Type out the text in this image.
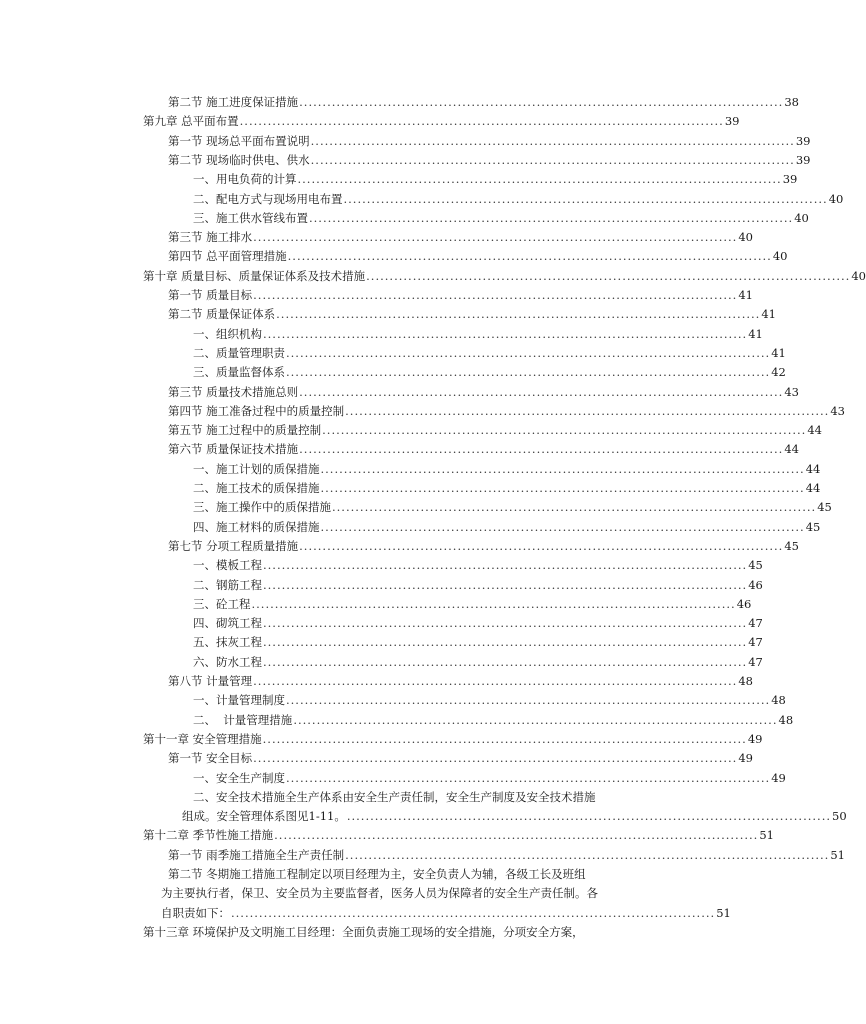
第二节 施工进度保证措施 ........................................................................................................ 38
第九章 总平面布置 ........................................................................................................ 39
第一节 现场总平面布置说明 ........................................................................................................ 39
第二节 现场临时供电、供水 ........................................................................................................ 39
一、用电负荷的计算 ........................................................................................................ 39
二、配电方式与现场用电布置 ........................................................................................................ 40
三、施工供水管线布置 ........................................................................................................ 40
第三节 施工排水 ........................................................................................................ 40
第四节 总平面管理措施 ........................................................................................................ 40
第十章 质量目标、质量保证体系及技术措施 ........................................................................................................ 40
第一节 质量目标 ........................................................................................................ 41
第二节 质量保证体系 ........................................................................................................ 41
一、组织机构 ........................................................................................................ 41
二、质量管理职责 ........................................................................................................ 41
三、质量监督体系 ........................................................................................................ 42
第三节 质量技术措施总则 ........................................................................................................ 43
第四节 施工准备过程中的质量控制 ........................................................................................................ 43
第五节 施工过程中的质量控制 ........................................................................................................ 44
第六节 质量保证技术措施 ........................................................................................................ 44
一、施工计划的质保措施 ........................................................................................................ 44
二、施工技术的质保措施 ........................................................................................................ 44
三、施工操作中的质保措施 ........................................................................................................ 45
四、施工材料的质保措施 ........................................................................................................ 45
第七节 分项工程质量措施 ........................................................................................................ 45
一、模板工程 ........................................................................................................ 45
二、钢筋工程 ........................................................................................................ 46
三、砼工程 ........................................................................................................ 46
四、砌筑工程 ........................................................................................................ 47
五、抹灰工程 ........................................................................................................ 47
六、防水工程 ........................................................................................................ 47
第八节 计量管理 ........................................................................................................ 48
一、计量管理制度 ........................................................................................................ 48
二、  计量管理措施 ........................................................................................................ 48
第十一章 安全管理措施 ........................................................................................................ 49
第一节 安全目标 ........................................................................................................ 49
一、安全生产制度 ........................................................................................................ 49
二、安全技术措施全生产体系由安全生产责任制，安全生产制度及安全技术措施
组成。安全管理体系图见1-11。 ........................................................................................................ 50
第十二章 季节性施工措施 ........................................................................................................ 51
第一节 雨季施工措施全生产责任制 ........................................................................................................ 51
第二节 冬期施工措施工程制定以项目经理为主，安全负责人为辅，各级工长及班组
为主要执行者，保卫、安全员为主要监督者，医务人员为保障者的安全生产责任制。各
自职责如下： ........................................................................................................ 51
第十三章 环境保护及文明施工目经理：全面负责施工现场的安全措施，分项安全方案，
